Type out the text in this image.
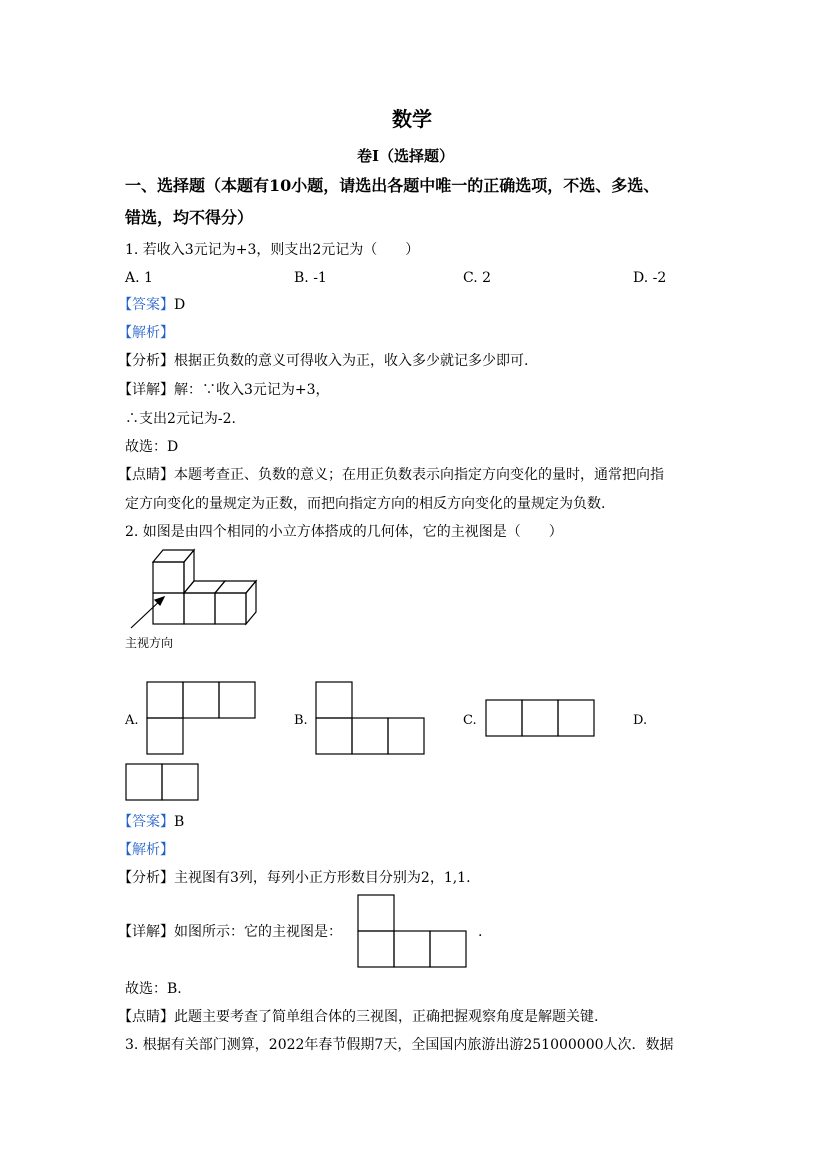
数学
卷Ⅰ（选择题）
一、选择题（本题有10小题，请选出各题中唯一的正确选项，不选、多选、
错选，均不得分）
1. 若收入3元记为+3，则支出2元记为（　　）
A. 1	B. -1	C. 2	D. -2
【答案】D
【解析】
【分析】根据正负数的意义可得收入为正，收入多少就记多少即可.
【详解】解：∵收入3元记为+3，
∴支出2元记为-2.
故选：D
【点睛】本题考查正、负数的意义；在用正负数表示向指定方向变化的量时，通常把向指
定方向变化的量规定为正数，而把向指定方向的相反方向变化的量规定为负数.
2. 如图是由四个相同的小立方体搭成的几何体，它的主视图是（　　）
主视方向
A.	B.	C.	D.
【答案】B
【解析】
【分析】主视图有3列，每列小正方形数目分别为2，1,1.
【详解】如图所示：它的主视图是：	.
故选：B.
【点睛】此题主要考查了简单组合体的三视图，正确把握观察角度是解题关键.
3. 根据有关部门测算，2022年春节假期7天，全国国内旅游出游251000000人次．数据
